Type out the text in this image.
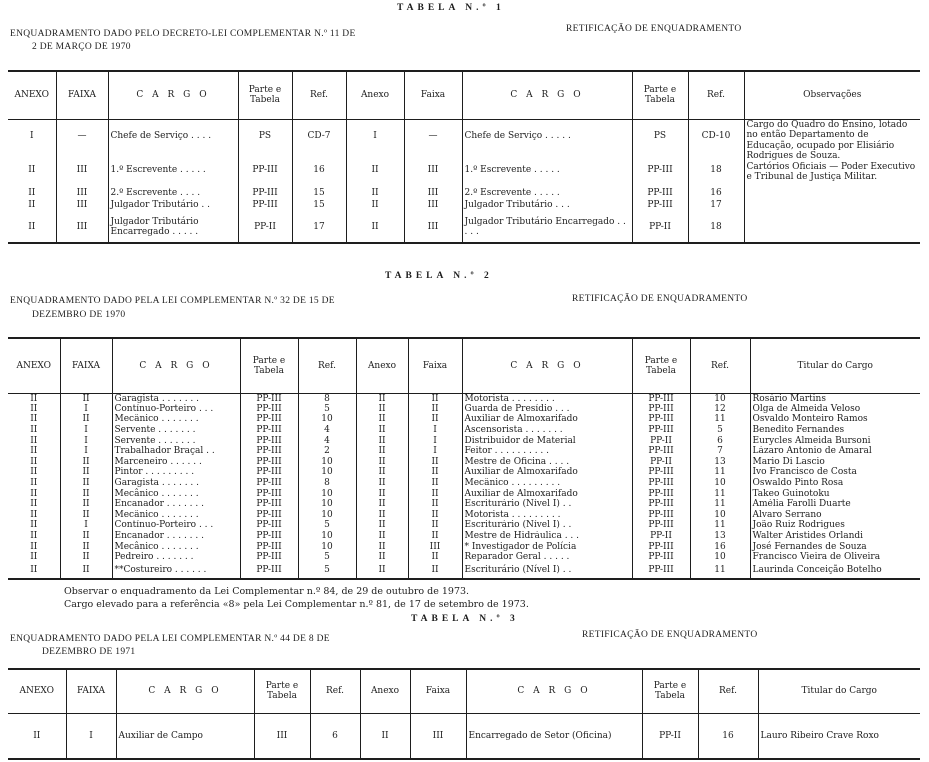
TABELA N.º 1
ENQUADRAMENTO DADO PELO DECRETO-LEI COMPLEMENTAR N.º 11 DE
2 DE MARÇO DE 1970
RETIFICAÇÃO DE ENQUADRAMENTO
ANEXO	FAIXA	C A R G O	Parte e Tabela	Ref.	Anexo	Faixa	C A R G O	Parte e Tabela	Ref.	Observações
I	—	Chefe de Serviço . . . .	PS	CD-7	I	—	Chefe de Serviço . . . . .	PS	CD-10	Cargo do Quadro do Ensino, lotado no então Departamento de Educação, ocupado por Elisiário Rodrigues de Souza.
Cartórios Oficiais — Poder Executivo e Tribunal de Justiça Militar.

II	III	1.º Escrevente . . . . .	PP-III	16	II	III	1.º Escrevente . . . . .	PP-III	18	
II	III	2.º Escrevente . . . .	PP-III	15	II	III	2.º Escrevente . . . . .	PP-III	16	
II	III	Julgador Tributário . .	PP-III	15	II	III	Julgador Tributário . . .	PP-III	17	
II	III	Julgador Tributário Encarregado . . . . .	PP-II	17	II	III	Julgador Tributário Encarregado . . . . .	PP-II	18	
TABELA N.º 2
ENQUADRAMENTO DADO PELA LEI COMPLEMENTAR N.º 32 DE 15 DE
DEZEMBRO DE 1970
RETIFICAÇÃO DE ENQUADRAMENTO
ANEXO	FAIXA	C A R G O	Parte e Tabela	Ref.	Anexo	Faixa	C A R G O	Parte e Tabela	Ref.	Titular do Cargo
II	II	Garagista . . . . . . .	PP-III	8	II	II	Motorista . . . . . . . .	PP-III	10	Rosário Martins
II	I	Contínuo-Porteiro . . .	PP-III	5	II	II	Guarda de Presídio . . .	PP-III	12	Olga de Almeida Veloso
II	II	Mecânico . . . . . . .	PP-III	10	II	II	Auxiliar de Almoxarifado	PP-III	11	Osvaldo Monteiro Ramos
II	I	Servente . . . . . . .	PP-III	4	II	I	Ascensorista . . . . . . .	PP-III	5	Benedito Fernandes
II	I	Servente . . . . . . .	PP-III	4	II	I	Distribuidor de Material	PP-II	6	Eurycles Almeida Bursoni
II	I	Trabalhador Braçal . .	PP-III	2	II	I	Feitor . . . . . . . . . .	PP-III	7	Lázaro Antonio de Amaral
II	II	Marceneiro . . . . . .	PP-III	10	II	II	Mestre de Oficina . . . .	PP-II	13	Mario Di Lascio
II	II	Pintor . . . . . . . . .	PP-III	10	II	II	Auxiliar de Almoxarifado	PP-III	11	Ivo Francisco de Costa
II	II	Garagista . . . . . . .	PP-III	8	II	II	Mecânico . . . . . . . . .	PP-III	10	Oswaldo Pinto Rosa
II	II	Mecânico . . . . . . .	PP-III	10	II	II	Auxiliar de Almoxarifado	PP-III	11	Takeo Guinotoku
II	II	Encanador . . . . . . .	PP-III	10	II	II	Escriturário (Nível I) . .	PP-III	11	Amélia Farolli Duarte
II	II	Mecânico . . . . . . .	PP-III	10	II	II	Motorista . . . . . . . . .	PP-III	10	Alvaro Serrano
II	I	Contínuo-Porteiro . . .	PP-III	5	II	II	Escriturário (Nível I) . .	PP-III	11	João Ruiz Rodrigues
II	II	Encanador . . . . . . .	PP-III	10	II	II	Mestre de Hidráulica . . .	PP-II	13	Walter Aristides Orlandi
II	II	Mecânico . . . . . . .	PP-III	10	II	III	* Investigador de Polícia	PP-III	16	José Fernandes de Souza
II	II	Pedreiro . . . . . . .	PP-III	5	II	II	Reparador Geral . . . . .	PP-III	10	Francisco Vieira de Oliveira
II	II	**Costureiro . . . . . .	PP-III	5	II	II	Escriturário (Nível I) . .	PP-III	11	Laurinda Conceição Botelho
Observar o enquadramento da Lei Complementar n.º 84, de 29 de outubro de 1973.
Cargo elevado para a referência «8» pela Lei Complementar n.º 81, de 17 de setembro de 1973.
TABELA N.º 3
ENQUADRAMENTO DADO PELA LEI COMPLEMENTAR N.º 44 DE 8 DE
DEZEMBRO DE 1971
RETIFICAÇÃO DE ENQUADRAMENTO
ANEXO	FAIXA	C A R G O	Parte e Tabela	Ref.	Anexo	Faixa	C A R G O	Parte e Tabela	Ref.	Titular do Cargo
II	I	Auxiliar de Campo	III	6	II	III	Encarregado de Setor (Oficina)	PP-II	16	Lauro Ribeiro Crave Roxo
